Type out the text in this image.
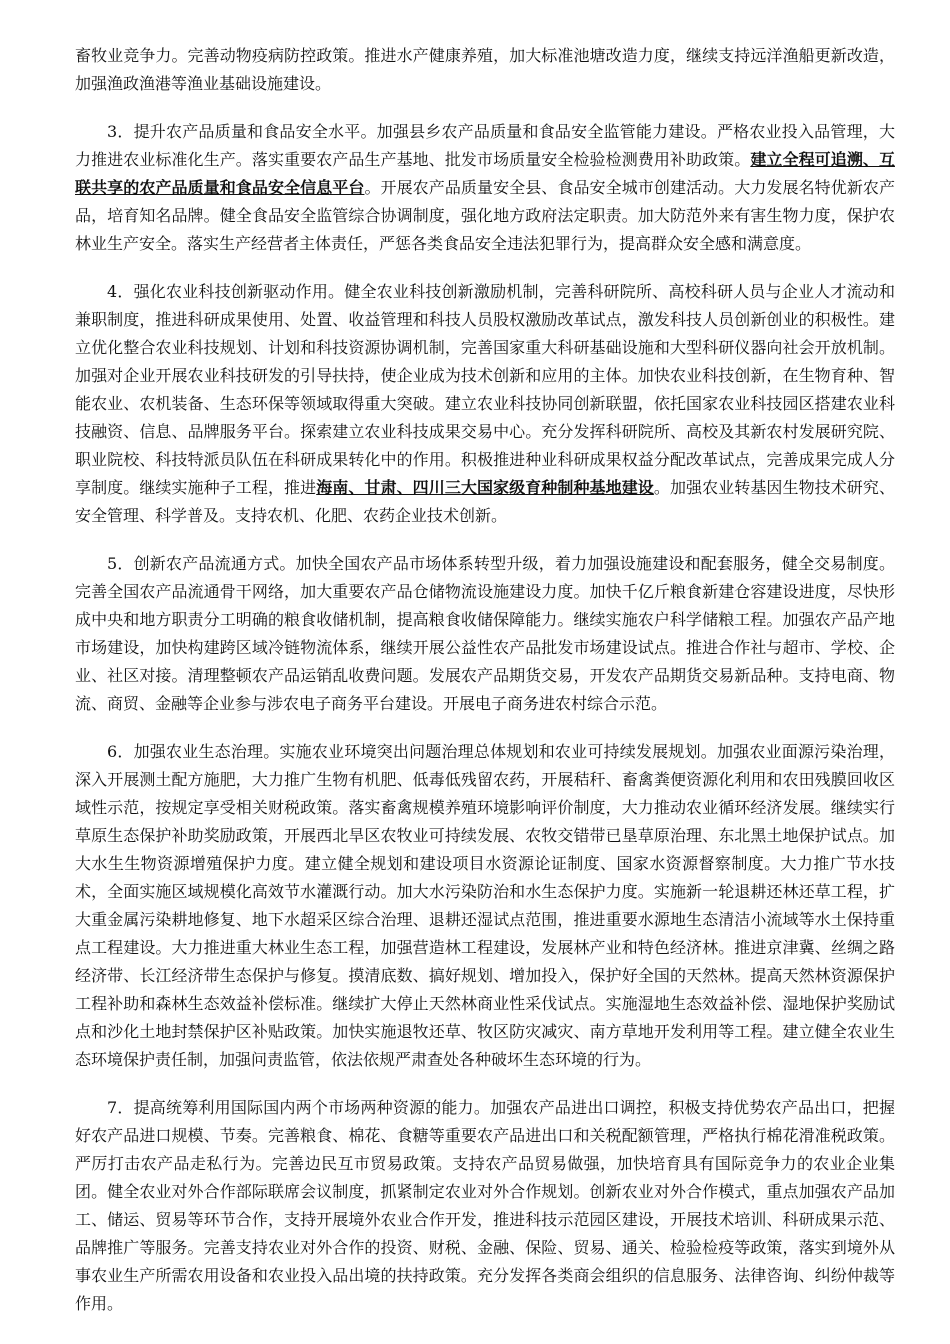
畜牧业竞争力。完善动物疫病防控政策。推进水产健康养殖，加大标准池塘改造力度，继续支持远洋渔船更新改造，加强渔政渔港等渔业基础设施建设。

3．提升农产品质量和食品安全水平。加强县乡农产品质量和食品安全监管能力建设。严格农业投入品管理，大力推进农业标准化生产。落实重要农产品生产基地、批发市场质量安全检验检测费用补助政策。建立全程可追溯、互联共享的农产品质量和食品安全信息平台。开展农产品质量安全县、食品安全城市创建活动。大力发展名特优新农产品，培育知名品牌。健全食品安全监管综合协调制度，强化地方政府法定职责。加大防范外来有害生物力度，保护农林业生产安全。落实生产经营者主体责任，严惩各类食品安全违法犯罪行为，提高群众安全感和满意度。

4．强化农业科技创新驱动作用。健全农业科技创新激励机制，完善科研院所、高校科研人员与企业人才流动和兼职制度，推进科研成果使用、处置、收益管理和科技人员股权激励改革试点，激发科技人员创新创业的积极性。建立优化整合农业科技规划、计划和科技资源协调机制，完善国家重大科研基础设施和大型科研仪器向社会开放机制。加强对企业开展农业科技研发的引导扶持，使企业成为技术创新和应用的主体。加快农业科技创新，在生物育种、智能农业、农机装备、生态环保等领域取得重大突破。建立农业科技协同创新联盟，依托国家农业科技园区搭建农业科技融资、信息、品牌服务平台。探索建立农业科技成果交易中心。充分发挥科研院所、高校及其新农村发展研究院、职业院校、科技特派员队伍在科研成果转化中的作用。积极推进种业科研成果权益分配改革试点，完善成果完成人分享制度。继续实施种子工程，推进海南、甘肃、四川三大国家级育种制种基地建设。加强农业转基因生物技术研究、安全管理、科学普及。支持农机、化肥、农药企业技术创新。

5．创新农产品流通方式。加快全国农产品市场体系转型升级，着力加强设施建设和配套服务，健全交易制度。完善全国农产品流通骨干网络，加大重要农产品仓储物流设施建设力度。加快千亿斤粮食新建仓容建设进度，尽快形成中央和地方职责分工明确的粮食收储机制，提高粮食收储保障能力。继续实施农户科学储粮工程。加强农产品产地市场建设，加快构建跨区域冷链物流体系，继续开展公益性农产品批发市场建设试点。推进合作社与超市、学校、企业、社区对接。清理整顿农产品运销乱收费问题。发展农产品期货交易，开发农产品期货交易新品种。支持电商、物流、商贸、金融等企业参与涉农电子商务平台建设。开展电子商务进农村综合示范。

6．加强农业生态治理。实施农业环境突出问题治理总体规划和农业可持续发展规划。加强农业面源污染治理，深入开展测土配方施肥，大力推广生物有机肥、低毒低残留农药，开展秸秆、畜禽粪便资源化利用和农田残膜回收区域性示范，按规定享受相关财税政策。落实畜禽规模养殖环境影响评价制度，大力推动农业循环经济发展。继续实行草原生态保护补助奖励政策，开展西北旱区农牧业可持续发展、农牧交错带已垦草原治理、东北黑土地保护试点。加大水生生物资源增殖保护力度。建立健全规划和建设项目水资源论证制度、国家水资源督察制度。大力推广节水技术，全面实施区域规模化高效节水灌溉行动。加大水污染防治和水生态保护力度。实施新一轮退耕还林还草工程，扩大重金属污染耕地修复、地下水超采区综合治理、退耕还湿试点范围，推进重要水源地生态清洁小流域等水土保持重点工程建设。大力推进重大林业生态工程，加强营造林工程建设，发展林产业和特色经济林。推进京津冀、丝绸之路经济带、长江经济带生态保护与修复。摸清底数、搞好规划、增加投入，保护好全国的天然林。提高天然林资源保护工程补助和森林生态效益补偿标准。继续扩大停止天然林商业性采伐试点。实施湿地生态效益补偿、湿地保护奖励试点和沙化土地封禁保护区补贴政策。加快实施退牧还草、牧区防灾减灾、南方草地开发利用等工程。建立健全农业生态环境保护责任制，加强问责监管，依法依规严肃查处各种破坏生态环境的行为。

7．提高统筹利用国际国内两个市场两种资源的能力。加强农产品进出口调控，积极支持优势农产品出口，把握好农产品进口规模、节奏。完善粮食、棉花、食糖等重要农产品进出口和关税配额管理，严格执行棉花滑准税政策。严厉打击农产品走私行为。完善边民互市贸易政策。支持农产品贸易做强，加快培育具有国际竞争力的农业企业集团。健全农业对外合作部际联席会议制度，抓紧制定农业对外合作规划。创新农业对外合作模式，重点加强农产品加工、储运、贸易等环节合作，支持开展境外农业合作开发，推进科技示范园区建设，开展技术培训、科研成果示范、品牌推广等服务。完善支持农业对外合作的投资、财税、金融、保险、贸易、通关、检验检疫等政策，落实到境外从事农业生产所需农用设备和农业投入品出境的扶持政策。充分发挥各类商会组织的信息服务、法律咨询、纠纷仲裁等作用。
